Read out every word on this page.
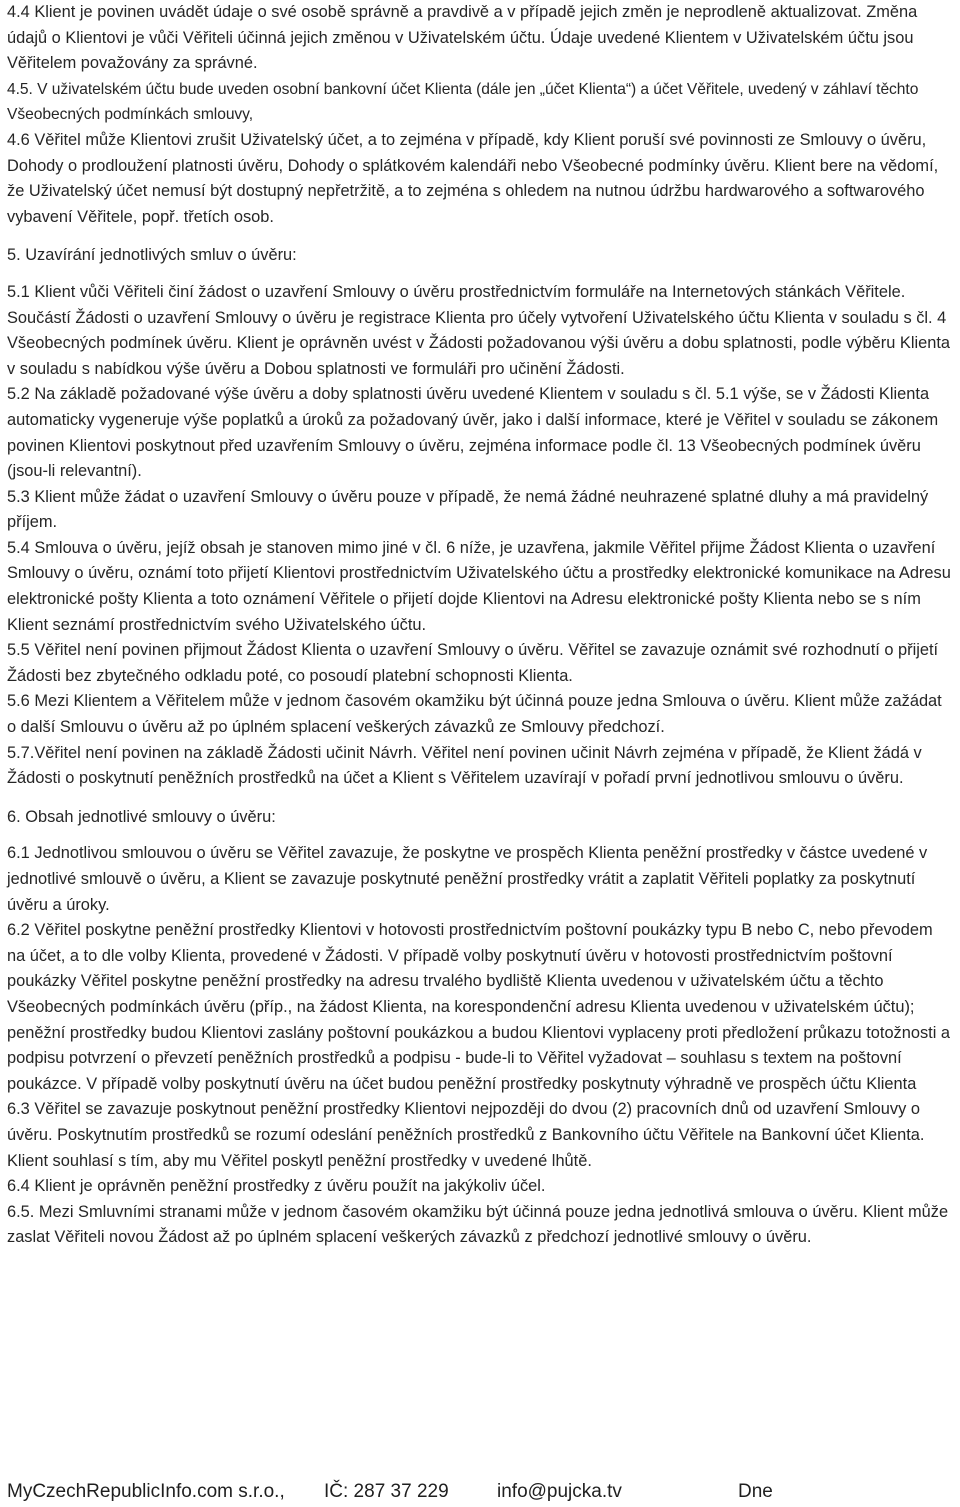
4.4 Klient je povinen uvádět údaje o své osobě správně a pravdivě a v případě jejich změn je neprodleně aktualizovat. Změna údajů o Klientovi je vůči Věřiteli účinná jejich změnou v Uživatelském účtu. Údaje uvedené Klientem v Uživatelském účtu jsou Věřitelem považovány za správné.

4.5. V uživatelském účtu bude uveden osobní bankovní účet Klienta (dále jen „účet Klienta“) a účet Věřitele, uvedený v záhlaví těchto Všeobecných podmínkách smlouvy,

4.6 Věřitel může Klientovi zrušit Uživatelský účet, a to zejména v případě, kdy Klient poruší své povinnosti ze Smlouvy o úvěru, Dohody o prodloužení platnosti úvěru, Dohody o splátkovém kalendáři nebo Všeobecné podmínky úvěru. Klient bere na vědomí, že Uživatelský účet nemusí být dostupný nepřetržitě, a to zejména s ohledem na nutnou údržbu hardwarového a softwarového vybavení Věřitele, popř. třetích osob.

5. Uzavírání jednotlivých smluv o úvěru:

5.1 Klient vůči Věřiteli činí žádost o uzavření Smlouvy o úvěru prostřednictvím formuláře na Internetových stánkách Věřitele. Součástí Žádosti o uzavření Smlouvy o úvěru je registrace Klienta pro účely vytvoření Uživatelského účtu Klienta v souladu s čl. 4 Všeobecných podmínek úvěru. Klient je oprávněn uvést v Žádosti požadovanou výši úvěru a dobu splatnosti, podle výběru Klienta v souladu s nabídkou výše úvěru a Dobou splatnosti ve formuláři pro učinění Žádosti.

5.2 Na základě požadované výše úvěru a doby splatnosti úvěru uvedené Klientem v souladu s čl. 5.1 výše, se v Žádosti Klienta automaticky vygeneruje výše poplatků a úroků za požadovaný úvěr, jako i další informace, které je Věřitel v souladu se zákonem povinen Klientovi poskytnout před uzavřením Smlouvy o úvěru, zejména informace podle čl. 13 Všeobecných podmínek úvěru (jsou-li relevantní).

5.3 Klient může žádat o uzavření Smlouvy o úvěru pouze v případě, že nemá žádné neuhrazené splatné dluhy a má pravidelný příjem.

5.4 Smlouva o úvěru, jejíž obsah je stanoven mimo jiné v čl. 6 níže, je uzavřena, jakmile Věřitel přijme Žádost Klienta o uzavření Smlouvy o úvěru, oznámí toto přijetí Klientovi prostřednictvím Uživatelského účtu a prostředky elektronické komunikace na Adresu elektronické pošty Klienta a toto oznámení Věřitele o přijetí dojde Klientovi na Adresu elektronické pošty Klienta nebo se s ním Klient seznámí prostřednictvím svého Uživatelského účtu.

5.5 Věřitel není povinen přijmout Žádost Klienta o uzavření Smlouvy o úvěru. Věřitel se zavazuje oznámit své rozhodnutí o přijetí Žádosti bez zbytečného odkladu poté, co posoudí platební schopnosti Klienta.

5.6 Mezi Klientem a Věřitelem může v jednom časovém okamžiku být účinná pouze jedna Smlouva o úvěru. Klient může zažádat o další Smlouvu o úvěru až po úplném splacení veškerých závazků ze Smlouvy předchozí.

5.7.Věřitel není povinen na základě Žádosti učinit Návrh. Věřitel není povinen učinit Návrh zejména v případě, že Klient žádá v Žádosti o poskytnutí peněžních prostředků na účet a Klient s Věřitelem uzavírají v pořadí první jednotlivou smlouvu o úvěru.

6. Obsah jednotlivé smlouvy o úvěru:

6.1 Jednotlivou smlouvou o úvěru se Věřitel zavazuje, že poskytne ve prospěch Klienta peněžní prostředky v částce uvedené v jednotlivé smlouvě o úvěru, a Klient se zavazuje poskytnuté peněžní prostředky vrátit a zaplatit Věřiteli poplatky za poskytnutí úvěru a úroky.

6.2 Věřitel poskytne peněžní prostředky Klientovi v hotovosti prostřednictvím poštovní poukázky typu B nebo C, nebo převodem na účet, a to dle volby Klienta, provedené v Žádosti. V případě volby poskytnutí úvěru v hotovosti prostřednictvím poštovní poukázky Věřitel poskytne peněžní prostředky na adresu trvalého bydliště Klienta uvedenou v uživatelském účtu a těchto Všeobecných podmínkách úvěru (příp., na žádost Klienta, na korespondenční adresu Klienta uvedenou v uživatelském účtu); peněžní prostředky budou Klientovi zaslány poštovní poukázkou a budou Klientovi vyplaceny proti předložení průkazu totožnosti a podpisu potvrzení o převzetí peněžních prostředků a podpisu - bude-li to Věřitel vyžadovat – souhlasu s textem na poštovní poukázce. V případě volby poskytnutí úvěru na účet budou peněžní prostředky poskytnuty výhradně ve prospěch účtu Klienta

6.3 Věřitel se zavazuje poskytnout peněžní prostředky Klientovi nejpozději do dvou (2) pracovních dnů od uzavření Smlouvy o úvěru. Poskytnutím prostředků se rozumí odeslání peněžních prostředků z Bankovního účtu Věřitele na Bankovní účet Klienta. Klient souhlasí s tím, aby mu Věřitel poskytl peněžní prostředky v uvedené lhůtě.

6.4 Klient je oprávněn peněžní prostředky z úvěru použít na jakýkoliv účel.

6.5. Mezi Smluvními stranami může v jednom časovém okamžiku být účinná pouze jedna jednotlivá smlouva o úvěru. Klient může zaslat Věřiteli novou Žádost až po úplném splacení veškerých závazků z předchozí jednotlivé smlouvy o úvěru.

MyCzechRepublicInfo.com s.r.o., IČ: 287 37 229	info@pujcka.tv	Dne
